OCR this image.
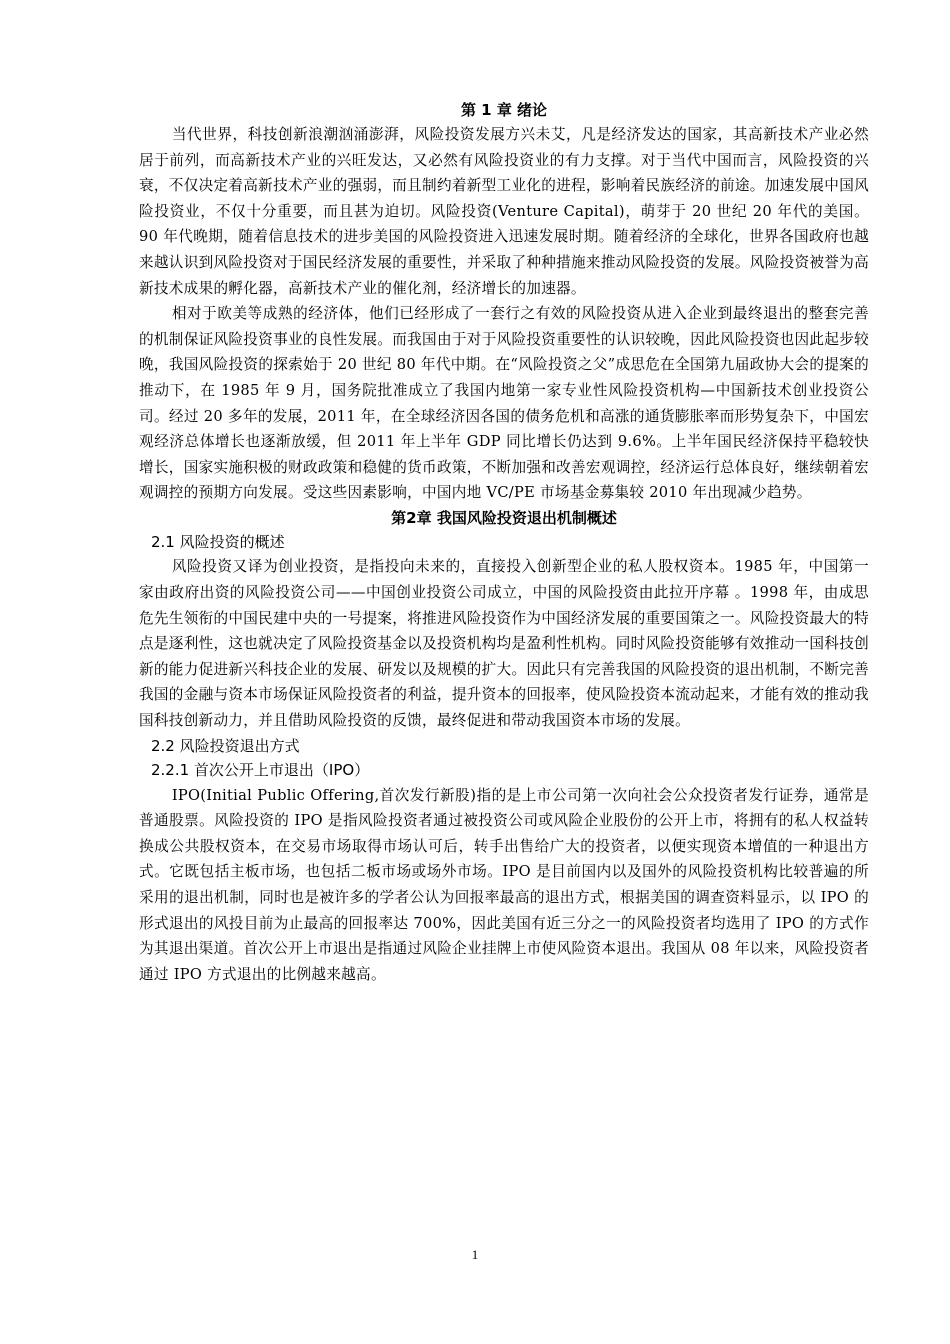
第 1 章 绪论

当代世界，科技创新浪潮汹涌澎湃，风险投资发展方兴未艾，凡是经济发达的国家，其高新技术产业必然居于前列，而高新技术产业的兴旺发达，又必然有风险投资业的有力支撑。对于当代中国而言，风险投资的兴衰，不仅决定着高新技术产业的强弱，而且制约着新型工业化的进程，影响着民族经济的前途。加速发展中国风险投资业，不仅十分重要，而且甚为迫切。风险投资(Venture Capital)，萌芽于 20 世纪 20 年代的美国。90 年代晚期，随着信息技术的进步美国的风险投资进入迅速发展时期。随着经济的全球化，世界各国政府也越来越认识到风险投资对于国民经济发展的重要性，并采取了种种措施来推动风险投资的发展。风险投资被誉为高新技术成果的孵化器，高新技术产业的催化剂，经济增长的加速器。

相对于欧美等成熟的经济体，他们已经形成了一套行之有效的风险投资从进入企业到最终退出的整套完善的机制保证风险投资事业的良性发展。而我国由于对于风险投资重要性的认识较晚，因此风险投资也因此起步较晚，我国风险投资的探索始于 20 世纪 80 年代中期。在“风险投资之父”成思危在全国第九届政协大会的提案的推动下，在 1985 年 9 月，国务院批准成立了我国内地第一家专业性风险投资机构—中国新技术创业投资公司。经过 20 多年的发展，2011 年，在全球经济因各国的债务危机和高涨的通货膨胀率而形势复杂下，中国宏观经济总体增长也逐渐放缓，但 2011 年上半年 GDP 同比增长仍达到 9.6%。上半年国民经济保持平稳较快增长，国家实施积极的财政政策和稳健的货币政策，不断加强和改善宏观调控，经济运行总体良好，继续朝着宏观调控的预期方向发展。受这些因素影响，中国内地 VC/PE 市场基金募集较 2010 年出现减少趋势。

第2章 我国风险投资退出机制概述

2.1 风险投资的概述

风险投资又译为创业投资，是指投向未来的，直接投入创新型企业的私人股权资本。1985 年，中国第一家由政府出资的风险投资公司——中国创业投资公司成立，中国的风险投资由此拉开序幕 。1998 年，由成思危先生领衔的中国民建中央的一号提案，将推进风险投资作为中国经济发展的重要国策之一。风险投资最大的特点是逐利性，这也就决定了风险投资基金以及投资机构均是盈利性机构。同时风险投资能够有效推动一国科技创新的能力促进新兴科技企业的发展、研发以及规模的扩大。因此只有完善我国的风险投资的退出机制，不断完善我国的金融与资本市场保证风险投资者的利益，提升资本的回报率，使风险投资本流动起来，才能有效的推动我国科技创新动力，并且借助风险投资的反馈，最终促进和带动我国资本市场的发展。

2.2 风险投资退出方式

2.2.1 首次公开上市退出（IPO）

IPO(Initial Public Offering,首次发行新股)指的是上市公司第一次向社会公众投资者发行证券，通常是普通股票。风险投资的 IPO 是指风险投资者通过被投资公司或风险企业股份的公开上市，将拥有的私人权益转换成公共股权资本，在交易市场取得市场认可后，转手出售给广大的投资者，以便实现资本增值的一种退出方式。它既包括主板市场，也包括二板市场或场外市场。IPO 是目前国内以及国外的风险投资机构比较普遍的所采用的退出机制，同时也是被许多的学者公认为回报率最高的退出方式，根据美国的调查资料显示，以 IPO 的形式退出的风投目前为止最高的回报率达 700%，因此美国有近三分之一的风险投资者均选用了 IPO 的方式作为其退出渠道。首次公开上市退出是指通过风险企业挂牌上市使风险资本退出。我国从 08 年以来，风险投资者通过 IPO 方式退出的比例越来越高。

1
